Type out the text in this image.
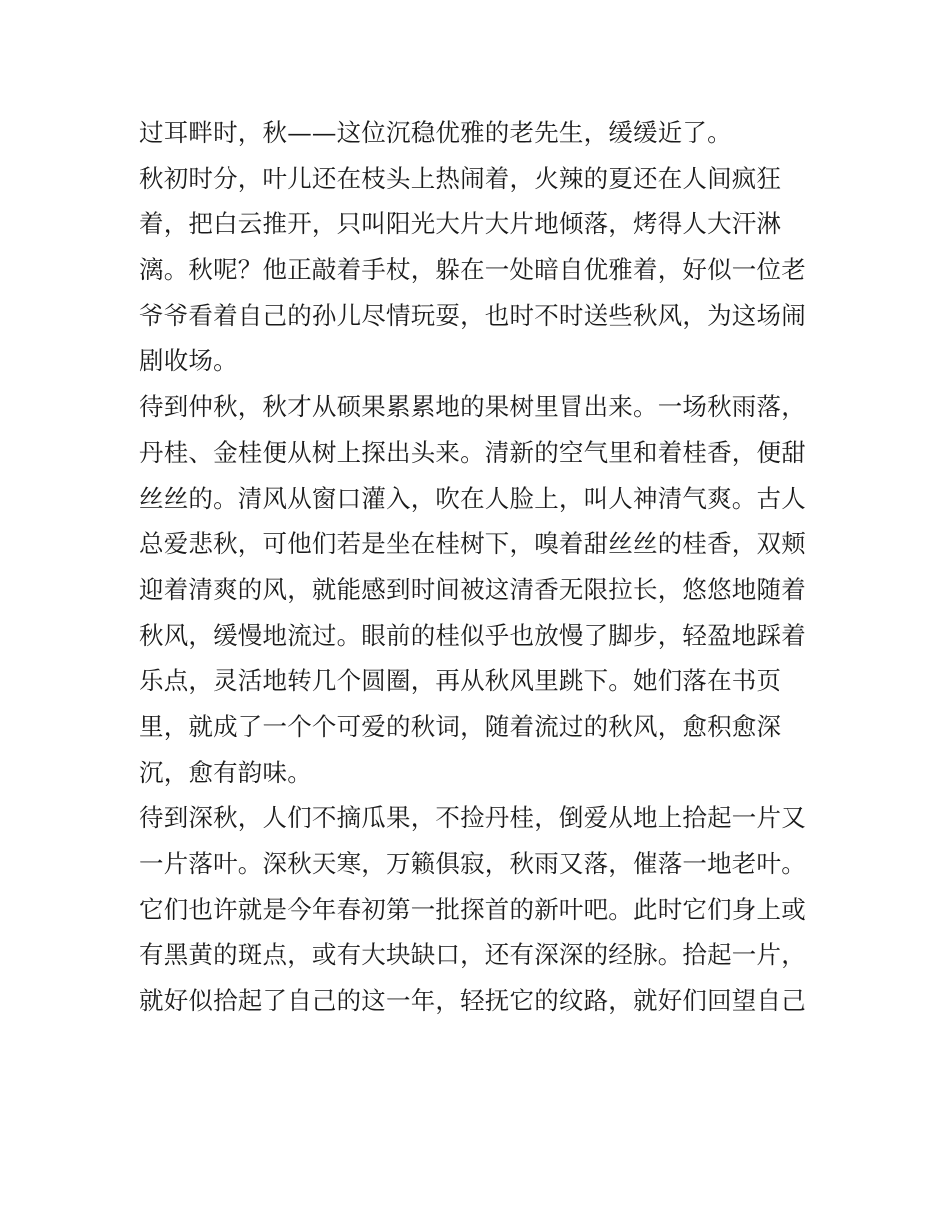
过耳畔时，秋——这位沉稳优雅的老先生，缓缓近了。
秋初时分，叶儿还在枝头上热闹着，火辣的夏还在人间疯狂
着，把白云推开，只叫阳光大片大片地倾落，烤得人大汗淋
漓。秋呢？他正敲着手杖，躲在一处暗自优雅着，好似一位老
爷爷看着自己的孙儿尽情玩耍，也时不时送些秋风，为这场闹
剧收场。
待到仲秋，秋才从硕果累累地的果树里冒出来。一场秋雨落，
丹桂、金桂便从树上探出头来。清新的空气里和着桂香，便甜
丝丝的。清风从窗口灌入，吹在人脸上，叫人神清气爽。古人
总爱悲秋，可他们若是坐在桂树下，嗅着甜丝丝的桂香，双颊
迎着清爽的风，就能感到时间被这清香无限拉长，悠悠地随着
秋风，缓慢地流过。眼前的桂似乎也放慢了脚步，轻盈地踩着
乐点，灵活地转几个圆圈，再从秋风里跳下。她们落在书页
里，就成了一个个可爱的秋词，随着流过的秋风，愈积愈深
沉，愈有韵味。
待到深秋，人们不摘瓜果，不捡丹桂，倒爱从地上拾起一片又
一片落叶。深秋天寒，万籁俱寂，秋雨又落，催落一地老叶。
它们也许就是今年春初第一批探首的新叶吧。此时它们身上或
有黑黄的斑点，或有大块缺口，还有深深的经脉。拾起一片，
就好似拾起了自己的这一年，轻抚它的纹路，就好们回望自己
